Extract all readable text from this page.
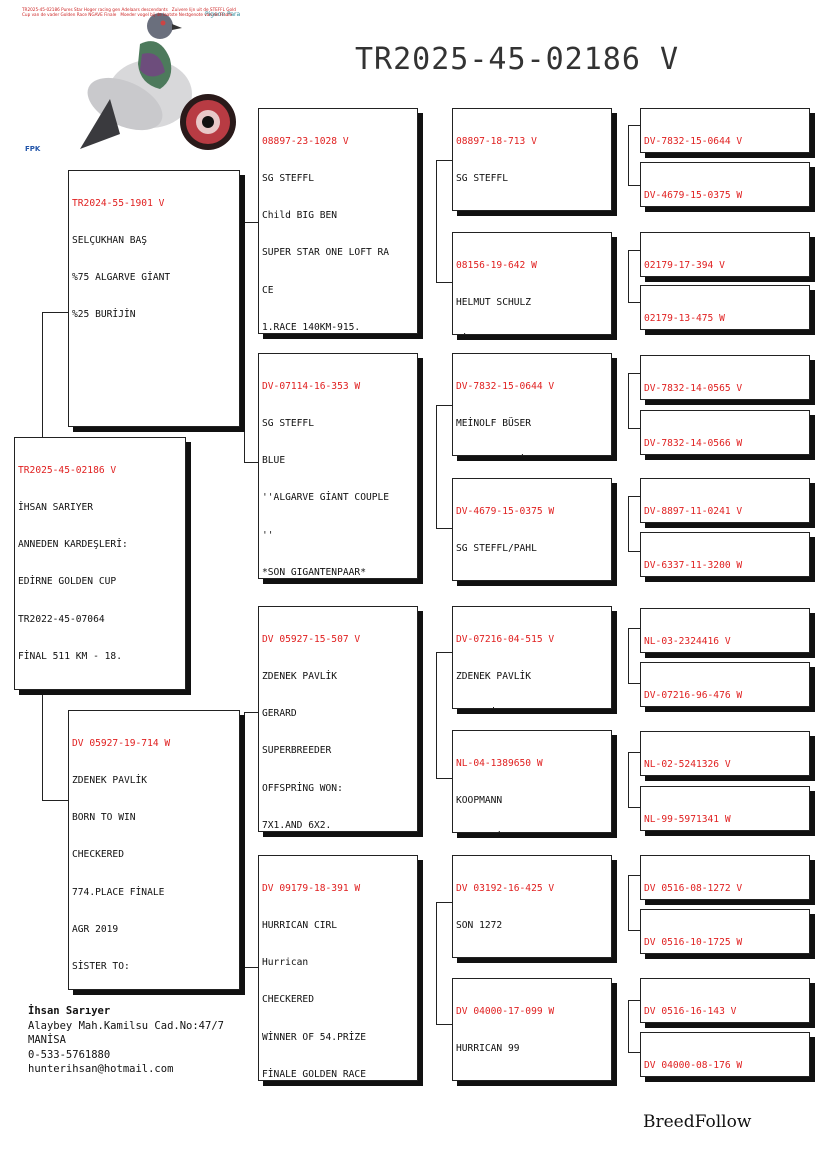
Pigeon Para
FPK
TR2025-45-02186 Pures Star Hoger racing gen Adelaars descendants Zuivere lijn uit de STEFFL Gold Cup van de vader Golden Race NGAVE Finale Moeder vogel bij de laatste Nestgenote van de Finale
TR2025-45-02186 V

TR2024-55-1901 V

SELÇUKHAN BAŞ

%75 ALGARVE GİANT

%25 BURİJİN

TR2025-45-02186 V

İHSAN SARIYER

ANNEDEN KARDEŞLERİ:

EDİRNE GOLDEN CUP

TR2022-45-07064

FİNAL 511 KM - 18.

DV 05927-19-714 W

ZDENEK PAVLİK

BORN TO WIN

CHECKERED

774.PLACE FİNALE

AGR 2019

SİSTER TO:

08897-23-1028 V

SG STEFFL

Child BIG BEN

SUPER STAR ONE LOFT RA

CE

1.RACE 140KM-915.

DV-07114-16-353 W

SG STEFFL

BLUE

''ALGARVE GİANT COUPLE

''

*SON GIGANTENPAAR*

DV 05927-15-507 V

ZDENEK PAVLİK

GERARD

SUPERBREEDER

OFFSPRİNG WON:

7X1.AND 6X2.

DV 09179-18-391 W

HURRICAN CIRL

Hurrican

CHECKERED

WİNNER OF 54.PRİZE

FİNALE GOLDEN RACE

08897-18-713 V

SG STEFFL

08156-19-642 W

HELMUT SCHULZ

DV-7832-15-0644 V

MEİNOLF BÜSER

DV-4679-15-0375 W

SG STEFFL/PAHL

DV-07216-04-515 V

ZDENEK PAVLİK

NL-04-1389650 W

KOOPMANN

DV 03192-16-425 V

SON 1272

DV 04000-17-099 W

HURRICAN 99

DV-7832-15-0644 V

DV-4679-15-0375 W

02179-17-394 V

02179-13-475 W

DV-7832-14-0565 V

DV-7832-14-0566 W

DV-8897-11-0241 V

DV-6337-11-3200 W

NL-03-2324416 V

DV-07216-96-476 W

NL-02-5241326 V

NL-99-5971341 W

DV 0516-08-1272 V

DV 0516-10-1725 W

DV 0516-16-143 V

DV 04000-08-176 W

İhsan Sarıyer
Alaybey Mah.Kamilsu Cad.No:47/7
MANİSA
0-533-5761880
hunterihsan@hotmail.com
BreedFollow
